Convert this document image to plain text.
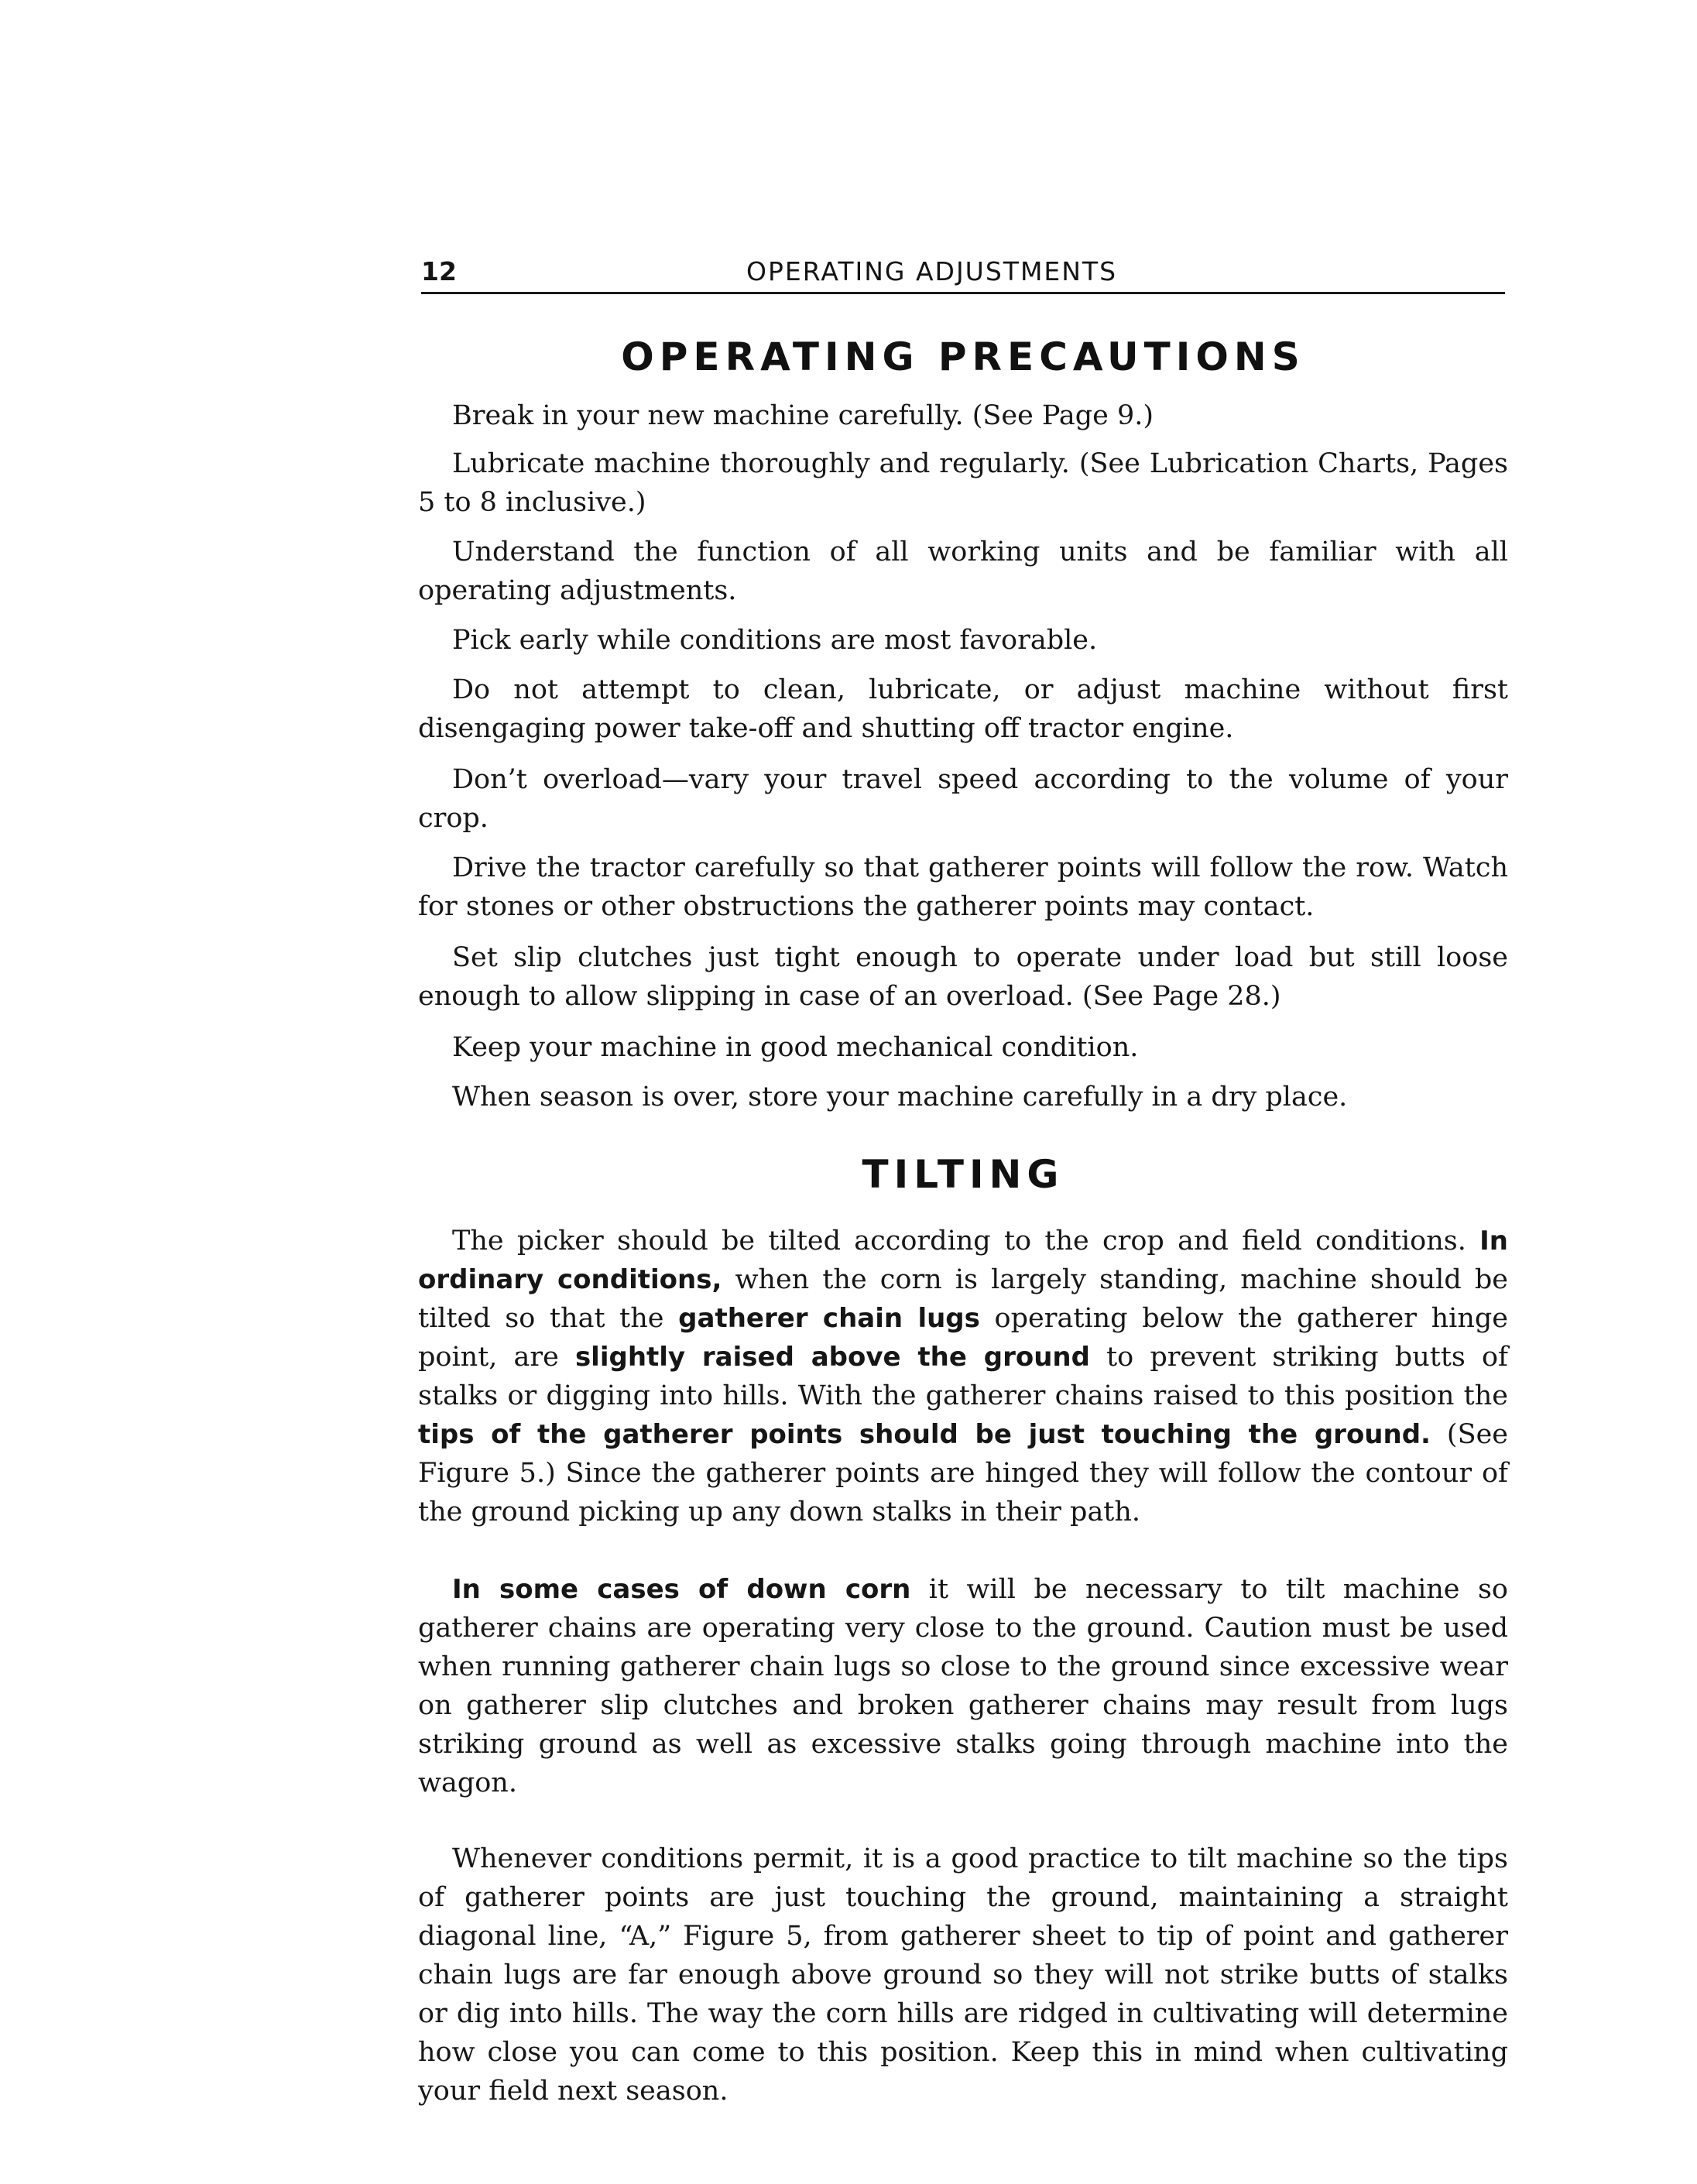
12	OPERATING ADJUSTMENTS
OPERATING PRECAUTIONS

Break in your new machine carefully. (See Page 9.)

Lubricate machine thoroughly and regularly. (See Lubrication Charts, Pages 5 to 8 inclusive.)

Understand the function of all working units and be familiar with all operating adjustments.

Pick early while conditions are most favorable.

Do not attempt to clean, lubricate, or adjust machine without first disengaging power take-off and shutting off tractor engine.

Don’t overload—vary your travel speed according to the volume of your crop.

Drive the tractor carefully so that gatherer points will follow the row. Watch for stones or other obstructions the gatherer points may contact.

Set slip clutches just tight enough to operate under load but still loose enough to allow slipping in case of an overload. (See Page 28.)

Keep your machine in good mechanical condition.

When season is over, store your machine carefully in a dry place.

TILTING

The picker should be tilted according to the crop and field conditions. In ordinary conditions, when the corn is largely standing, machine should be tilted so that the gatherer chain lugs operating below the gatherer hinge point, are slightly raised above the ground to prevent striking butts of stalks or digging into hills. With the gatherer chains raised to this position the tips of the gatherer points should be just touching the ground. (See Figure 5.) Since the gatherer points are hinged they will follow the contour of the ground picking up any down stalks in their path.

In some cases of down corn it will be necessary to tilt machine so gatherer chains are operating very close to the ground. Caution must be used when running gatherer chain lugs so close to the ground since excessive wear on gatherer slip clutches and broken gatherer chains may result from lugs striking ground as well as excessive stalks going through machine into the wagon.

Whenever conditions permit, it is a good practice to tilt machine so the tips of gatherer points are just touching the ground, maintaining a straight diagonal line, “A,” Figure 5, from gatherer sheet to tip of point and gatherer chain lugs are far enough above ground so they will not strike butts of stalks or dig into hills. The way the corn hills are ridged in cultivating will determine how close you can come to this position. Keep this in mind when cultivating your field next season.
